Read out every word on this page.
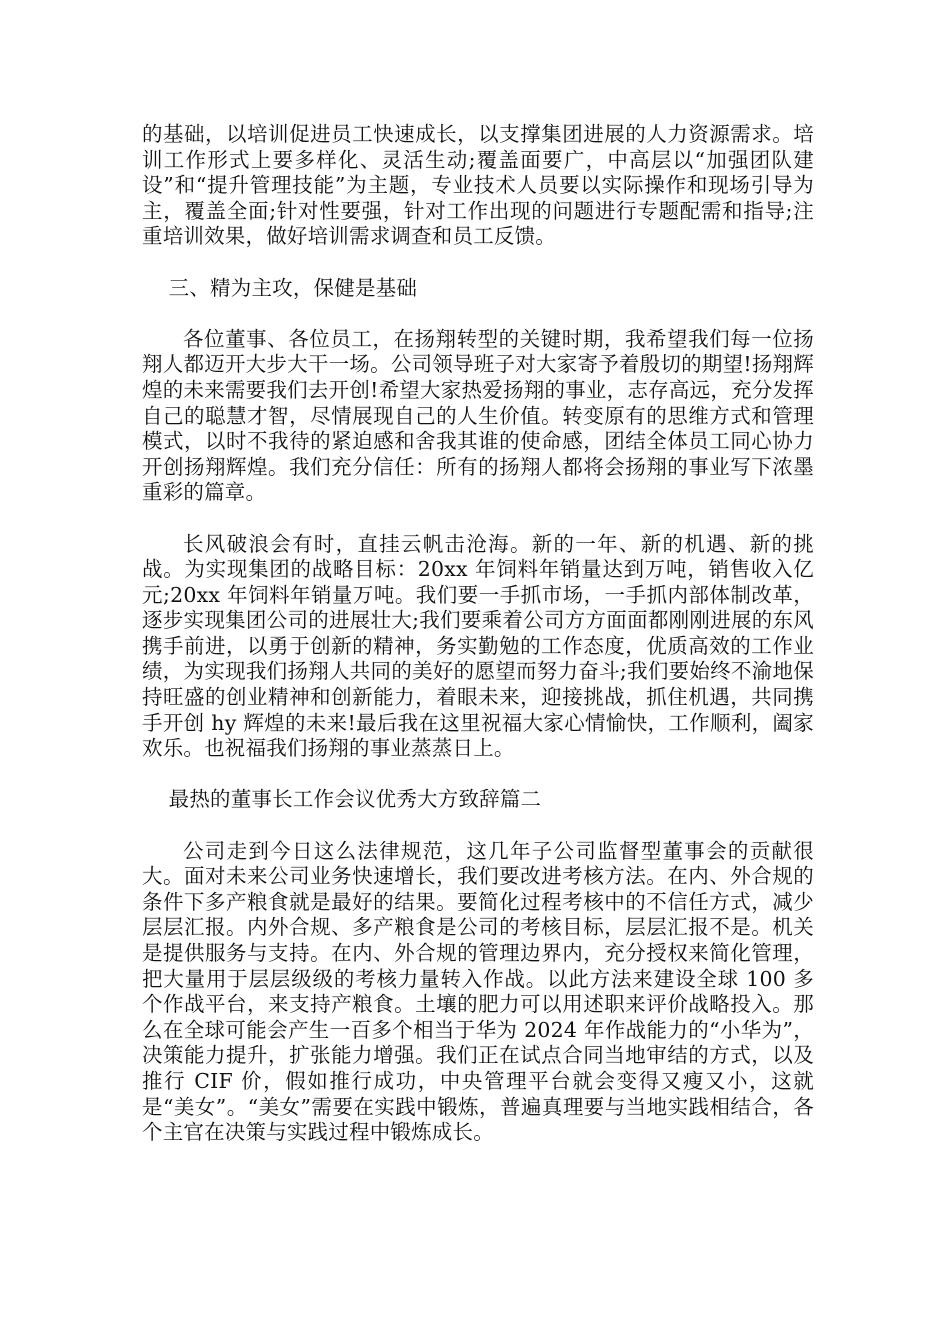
的基础，以培训促进员工快速成长，以支撑集团进展的人力资源需求。培训工作形式上要多样化、灵活生动;覆盖面要广，中高层以“加强团队建设”和“提升管理技能”为主题，专业技术人员要以实际操作和现场引导为主，覆盖全面;针对性要强，针对工作出现的问题进行专题配需和指导;注重培训效果，做好培训需求调查和员工反馈。

三、精为主攻，保健是基础

各位董事、各位员工，在扬翔转型的关键时期，我希望我们每一位扬翔人都迈开大步大干一场。公司领导班子对大家寄予着殷切的期望!扬翔辉煌的未来需要我们去开创!希望大家热爱扬翔的事业，志存高远，充分发挥自己的聪慧才智，尽情展现自己的人生价值。转变原有的思维方式和管理模式，以时不我待的紧迫感和舍我其谁的使命感，团结全体员工同心协力开创扬翔辉煌。我们充分信任：所有的扬翔人都将会扬翔的事业写下浓墨重彩的篇章。

长风破浪会有时，直挂云帆击沧海。新的一年、新的机遇、新的挑战。为实现集团的战略目标：20xx 年饲料年销量达到万吨，销售收入亿元;20xx 年饲料年销量万吨。我们要一手抓市场，一手抓内部体制改革，逐步实现集团公司的进展壮大;我们要乘着公司方方面面都刚刚进展的东风携手前进，以勇于创新的精神，务实勤勉的工作态度，优质高效的工作业绩，为实现我们扬翔人共同的美好的愿望而努力奋斗;我们要始终不渝地保持旺盛的创业精神和创新能力，着眼未来，迎接挑战，抓住机遇，共同携手开创 hy 辉煌的未来!最后我在这里祝福大家心情愉快，工作顺利，阖家欢乐。也祝福我们扬翔的事业蒸蒸日上。

最热的董事长工作会议优秀大方致辞篇二

公司走到今日这么法律规范，这几年子公司监督型董事会的贡献很大。面对未来公司业务快速增长，我们要改进考核方法。在内、外合规的条件下多产粮食就是最好的结果。要简化过程考核中的不信任方式，减少层层汇报。内外合规、多产粮食是公司的考核目标，层层汇报不是。机关是提供服务与支持。在内、外合规的管理边界内，充分授权来简化管理，把大量用于层层级级的考核力量转入作战。以此方法来建设全球 100 多个作战平台，来支持产粮食。土壤的肥力可以用述职来评价战略投入。那么在全球可能会产生一百多个相当于华为 2024 年作战能力的“小华为”，决策能力提升，扩张能力增强。我们正在试点合同当地审结的方式，以及推行 CIF 价，假如推行成功，中央管理平台就会变得又瘦又小，这就是“美女”。“美女”需要在实践中锻炼，普遍真理要与当地实践相结合，各个主官在决策与实践过程中锻炼成长。
